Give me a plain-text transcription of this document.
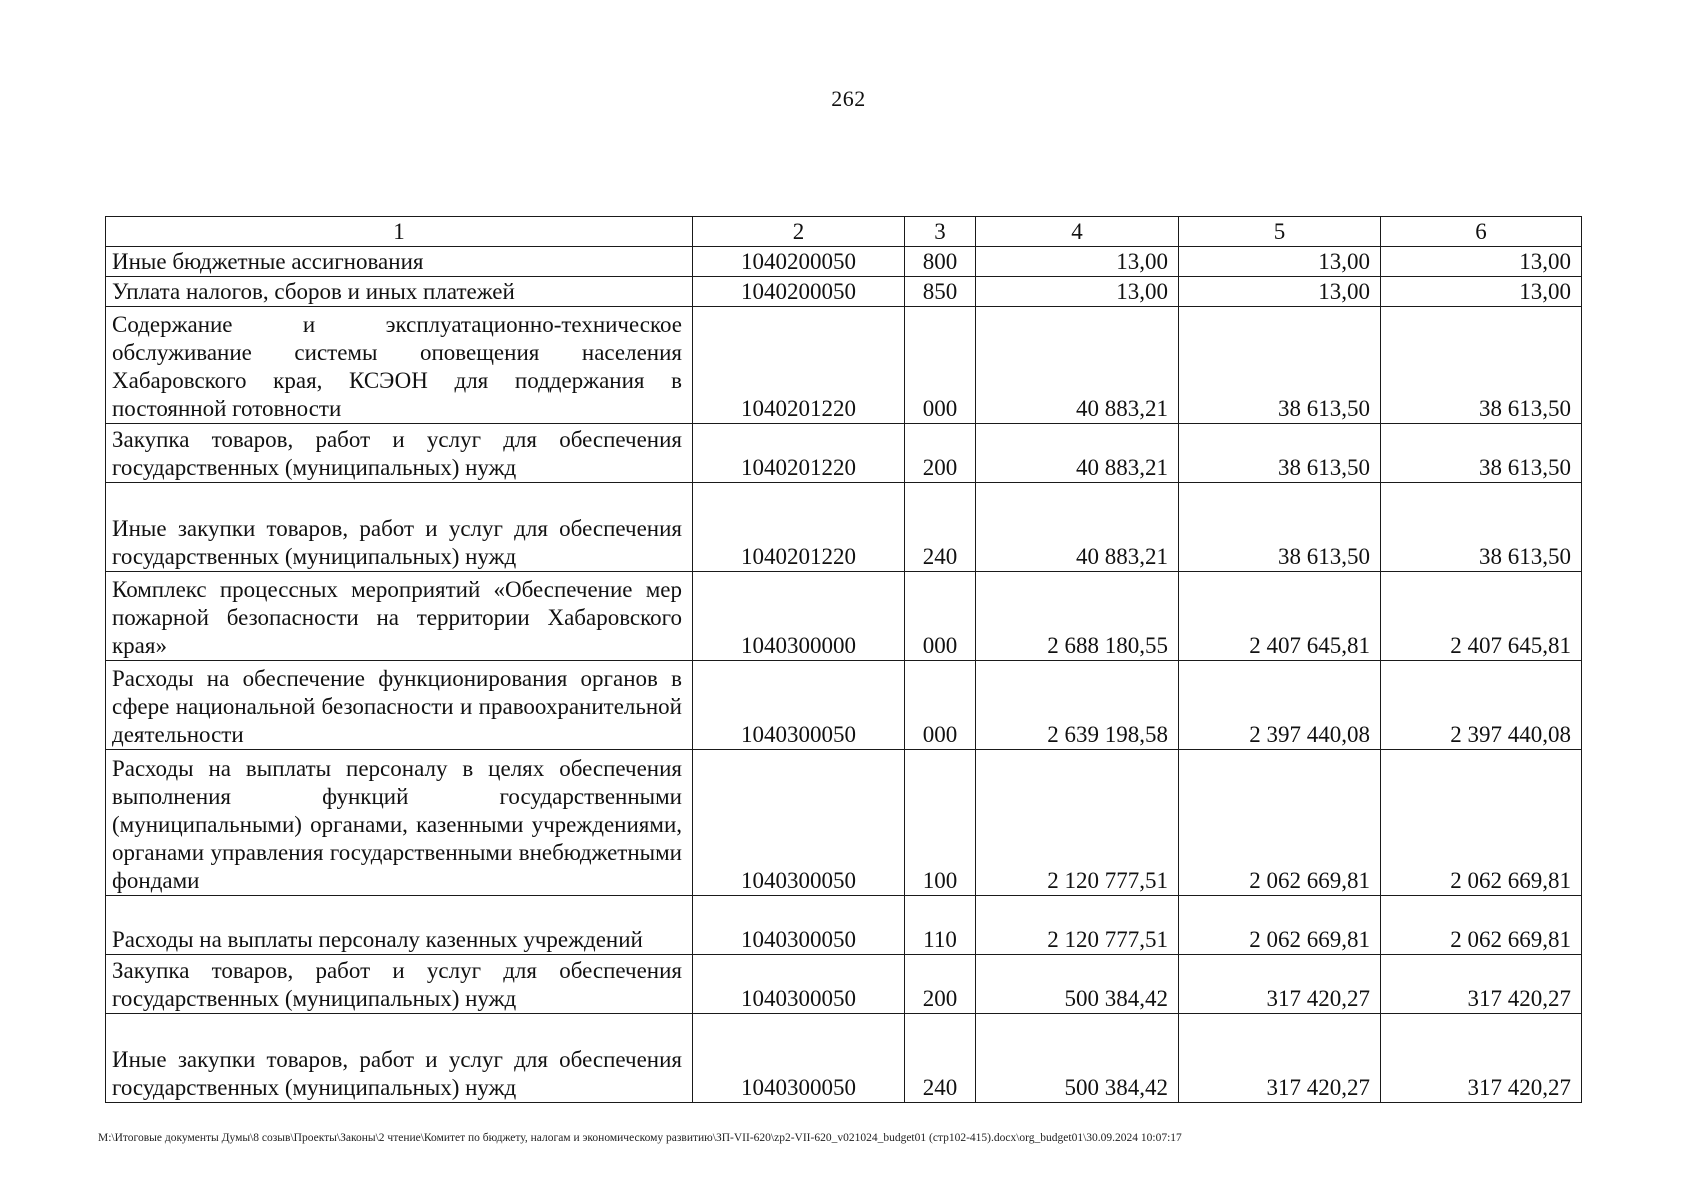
262
1	2	3	4	5	6
Иные бюджетные ассигнования	1040200050	800	13,00	13,00	13,00
Уплата налогов, сборов и иных платежей	1040200050	850	13,00	13,00	13,00
Содержание и эксплуатационно-техническое обслуживание системы оповещения населения Хабаровского края, КСЭОН для поддержания в постоянной готовности	1040201220	000	40 883,21	38 613,50	38 613,50
Закупка товаров, работ и услуг для обеспечения государственных (муниципальных) нужд	1040201220	200	40 883,21	38 613,50	38 613,50
Иные закупки товаров, работ и услуг для обеспечения государственных (муниципальных) нужд	1040201220	240	40 883,21	38 613,50	38 613,50
Комплекс процессных мероприятий «Обеспечение мер пожарной безопасности на территории Хабаровского края»	1040300000	000	2 688 180,55	2 407 645,81	2 407 645,81
Расходы на обеспечение функционирования органов в сфере национальной безопасности и правоохранительной деятельности	1040300050	000	2 639 198,58	2 397 440,08	2 397 440,08
Расходы на выплаты персоналу в целях обеспечения выполнения функций государственными (муниципальными) органами, казенными учреждениями, органами управления государственными внебюджетными фондами	1040300050	100	2 120 777,51	2 062 669,81	2 062 669,81
Расходы на выплаты персоналу казенных учреждений	1040300050	110	2 120 777,51	2 062 669,81	2 062 669,81
Закупка товаров, работ и услуг для обеспечения государственных (муниципальных) нужд	1040300050	200	500 384,42	317 420,27	317 420,27
Иные закупки товаров, работ и услуг для обеспечения государственных (муниципальных) нужд	1040300050	240	500 384,42	317 420,27	317 420,27
M:\Итоговые документы Думы\8 созыв\Проекты\Законы\2 чтение\Комитет по бюджету, налогам и экономическому развитию\ЗП-VII-620\zp2-VII-620_v021024_budget01 (стр102-415).docx\org_budget01\30.09.2024 10:07:17
